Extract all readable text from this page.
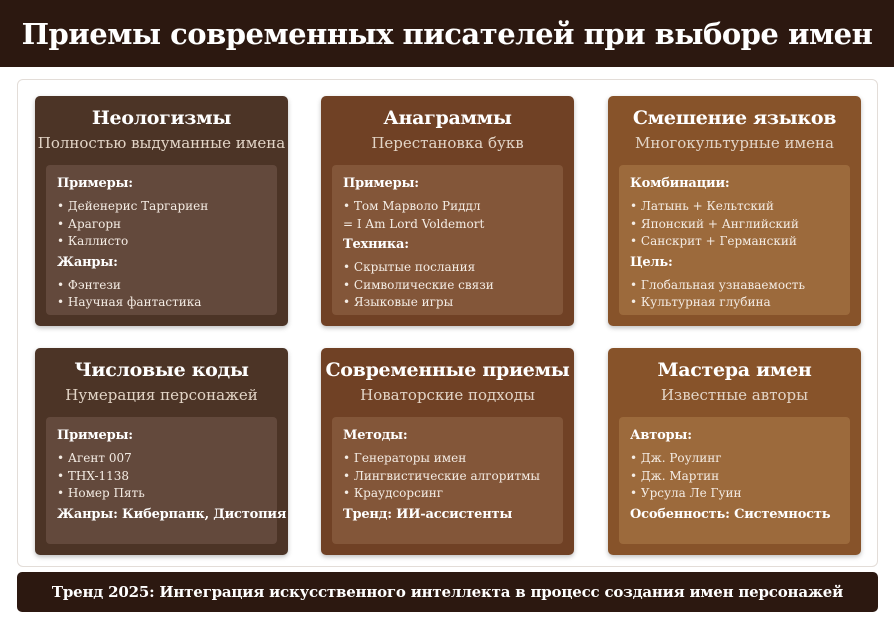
Приемы современных писателей при выборе имен
Неологизмы
Полностью выдуманные имена
Примеры:
• Дейенерис Таргариен
• Арагорн
• Каллисто
Жанры:
• Фэнтези
• Научная фантастика
Анаграммы
Перестановка букв
Примеры:
• Том Марволо Риддл
= I Am Lord Voldemort
Техника:
• Скрытые послания
• Символические связи
• Языковые игры
Смешение языков
Многокультурные имена
Комбинации:
• Латынь + Кельтский
• Японский + Английский
• Санскрит + Германский
Цель:
• Глобальная узнаваемость
• Культурная глубина
Числовые коды
Нумерация персонажей
Примеры:
• Агент 007
• THX-1138
• Номер Пять
Жанры: Киберпанк, Дистопия
Современные приемы
Новаторские подходы
Методы:
• Генераторы имен
• Лингвистические алгоритмы
• Краудсорсинг
Тренд: ИИ-ассистенты
Мастера имен
Известные авторы
Авторы:
• Дж. Роулинг
• Дж. Мартин
• Урсула Ле Гуин
Особенность: Системность
Тренд 2025: Интеграция искусственного интеллекта в процесс создания имен персонажей
